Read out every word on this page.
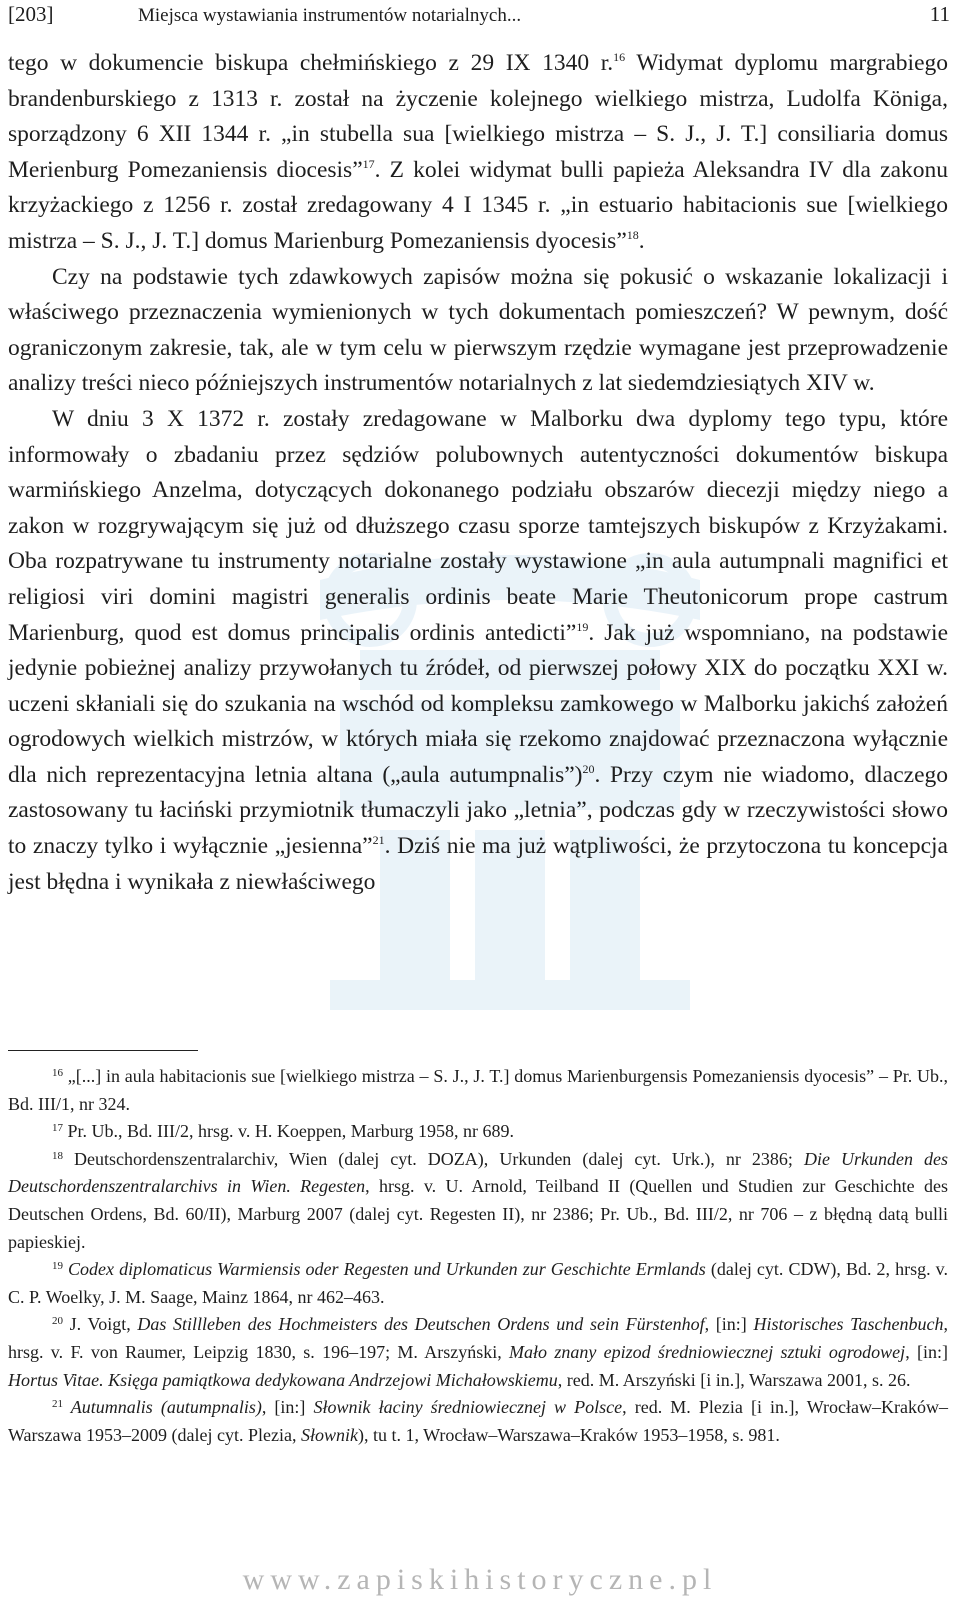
[203]	Miejsca wystawiania instrumentów notarialnych...	11

tego w dokumencie biskupa chełmińskiego z 29 IX 1340 r.$^{16}$ Widymat dyplomu margrabiego brandenburskiego z 1313 r. został na życzenie kolejnego wielkiego mistrza, Ludolfa Königa, sporządzony 6 XII 1344 r. „in stubella sua [wielkiego mistrza – S. J., J. T.] consiliaria domus Merienburg Pomezaniensis diocesis”$^{17}$. Z kolei widymat bulli papieża Aleksandra IV dla zakonu krzyżackiego z 1256 r. został zredagowany 4 I 1345 r. „in estuario habitacionis sue [wielkiego mistrza – S. J., J. T.] domus Marienburg Pomezaniensis dyocesis”$^{18}$.

Czy na podstawie tych zdawkowych zapisów można się pokusić o wskazanie lokalizacji i właściwego przeznaczenia wymienionych w tych dokumentach pomieszczeń? W pewnym, dość ograniczonym zakresie, tak, ale w tym celu w pierwszym rzędzie wymagane jest przeprowadzenie analizy treści nieco późniejszych instrumentów notarialnych z lat siedemdziesiątych XIV w.

W dniu 3 X 1372 r. zostały zredagowane w Malborku dwa dyplomy tego typu, które informowały o zbadaniu przez sędziów polubownych autentyczności dokumentów biskupa warmińskiego Anzelma, dotyczących dokonanego podziału obszarów diecezji między niego a zakon w rozgrywającym się już od dłuższego czasu sporze tamtejszych biskupów z Krzyżakami. Oba rozpatrywane tu instrumenty notarialne zostały wystawione „in aula autumpnali magnifici et religiosi viri domini magistri generalis ordinis beate Marie Theutonicorum prope castrum Marienburg, quod est domus principalis ordinis antedicti”$^{19}$. Jak już wspomniano, na podstawie jedynie pobieżnej analizy przywołanych tu źródeł, od pierwszej połowy XIX do początku XXI w. uczeni skłaniali się do szukania na wschód od kompleksu zamkowego w Malborku jakichś założeń ogrodowych wielkich mistrzów, w których miała się rzekomo znajdować przeznaczona wyłącznie dla nich reprezentacyjna letnia altana („aula autumpnalis”)$^{20}$. Przy czym nie wiadomo, dlaczego zastosowany tu łaciński przymiotnik tłumaczyli jako „letnia”, podczas gdy w rzeczywistości słowo to znaczy tylko i wyłącznie „jesienna”$^{21}$. Dziś nie ma już wątpliwości, że przytoczona tu koncepcja jest błędna i wynikała z niewłaściwego

$^{16}$ „[...] in aula habitacionis sue [wielkiego mistrza – S. J., J. T.] domus Marienburgensis Pomezaniensis dyocesis” – Pr. Ub., Bd. III/1, nr 324.

$^{17}$ Pr. Ub., Bd. III/2, hrsg. v. H. Koeppen, Marburg 1958, nr 689.

$^{18}$ Deutschordenszentralarchiv, Wien (dalej cyt. DOZA), Urkunden (dalej cyt. Urk.), nr 2386; Die Urkunden des Deutschordenszentralarchivs in Wien. Regesten, hrsg. v. U. Arnold, Teilband II (Quellen und Studien zur Geschichte des Deutschen Ordens, Bd. 60/II), Marburg 2007 (dalej cyt. Regesten II), nr 2386; Pr. Ub., Bd. III/2, nr 706 – z błędną datą bulli papieskiej.

$^{19}$ Codex diplomaticus Warmiensis oder Regesten und Urkunden zur Geschichte Ermlands (dalej cyt. CDW), Bd. 2, hrsg. v. C. P. Woelky, J. M. Saage, Mainz 1864, nr 462–463.

$^{20}$ J. Voigt, Das Stillleben des Hochmeisters des Deutschen Ordens und sein Fürstenhof, [in:] Historisches Taschenbuch, hrsg. v. F. von Raumer, Leipzig 1830, s. 196–197; M. Arszyński, Mało znany epizod średniowiecznej sztuki ogrodowej, [in:] Hortus Vitae. Księga pamiątkowa dedykowana Andrzejowi Michałowskiemu, red. M. Arszyński [i in.], Warszawa 2001, s. 26.

$^{21}$ Autumnalis (autumpnalis), [in:] Słownik łaciny średniowiecznej w Polsce, red. M. Plezia [i in.], Wrocław–Kraków–Warszawa 1953–2009 (dalej cyt. Plezia, Słownik), tu t. 1, Wrocław–Warszawa–Kraków 1953–1958, s. 981.

www.zapiskihistoryczne.pl
